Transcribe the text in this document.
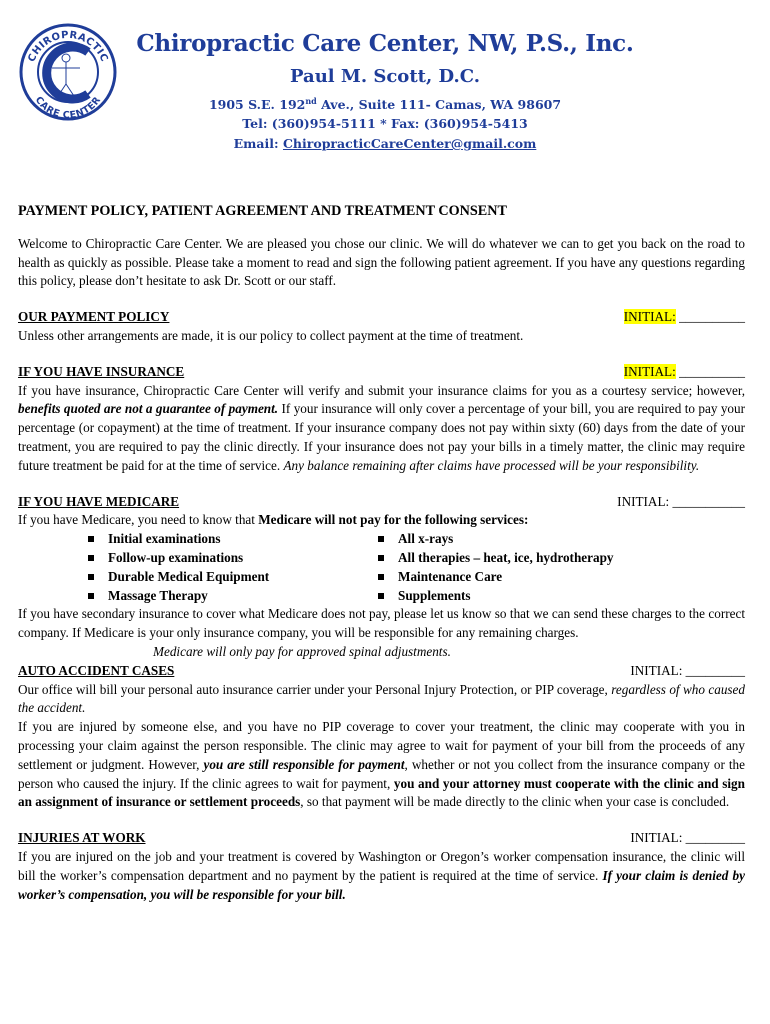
CHIROPRACTIC
CARE CENTER
Chiropractic Care Center, NW, P.S., Inc.
Paul M. Scott, D.C.
1905 S.E. 192nd Ave., Suite 111- Camas, WA 98607
Tel: (360)954-5111 * Fax: (360)954-5413
Email: ChiropracticCareCenter@gmail.com
PAYMENT POLICY, PATIENT AGREEMENT AND TREATMENT CONSENT

Welcome to Chiropractic Care Center. We are pleased you chose our clinic. We will do whatever we can to get you back on the road to health as quickly as possible. Please take a moment to read and sign the following patient agreement. If you have any questions regarding this policy, please don’t hesitate to ask Dr. Scott or our staff.

OUR PAYMENT POLICY	INITIAL: __________

Unless other arrangements are made, it is our policy to collect payment at the time of treatment.

IF YOU HAVE INSURANCE	INITIAL: __________

If you have insurance, Chiropractic Care Center will verify and submit your insurance claims for you as a courtesy service; however, benefits quoted are not a guarantee of payment. If your insurance will only cover a percentage of your bill, you are required to pay your percentage (or copayment) at the time of treatment. If your insurance company does not pay within sixty (60) days from the date of your treatment, you are required to pay the clinic directly. If your insurance does not pay your bills in a timely matter, the clinic may require future treatment be paid for at the time of service. Any balance remaining after claims have processed will be your responsibility.

IF YOU HAVE MEDICARE	INITIAL: ___________

If you have Medicare, you need to know that Medicare will not pay for the following services:

Initial examinations	All x-rays
Follow-up examinations	All therapies – heat, ice, hydrotherapy
Durable Medical Equipment	Maintenance Care
Massage Therapy	Supplements

If you have secondary insurance to cover what Medicare does not pay, please let us know so that we can send these charges to the correct company. If Medicare is your only insurance company, you will be responsible for any remaining charges.

Medicare will only pay for approved spinal adjustments.
AUTO ACCIDENT CASES	INITIAL: _________

Our office will bill your personal auto insurance carrier under your Personal Injury Protection, or PIP coverage, regardless of who caused the accident.

If you are injured by someone else, and you have no PIP coverage to cover your treatment, the clinic may cooperate with you in processing your claim against the person responsible. The clinic may agree to wait for payment of your bill from the proceeds of any settlement or judgment. However, you are still responsible for payment, whether or not you collect from the insurance company or the person who caused the injury. If the clinic agrees to wait for payment, you and your attorney must cooperate with the clinic and sign an assignment of insurance or settlement proceeds, so that payment will be made directly to the clinic when your case is concluded.

INJURIES AT WORK	INITIAL: _________

If you are injured on the job and your treatment is covered by Washington or Oregon’s worker compensation insurance, the clinic will bill the worker’s compensation department and no payment by the patient is required at the time of service. If your claim is denied by worker’s compensation, you will be responsible for your bill.
